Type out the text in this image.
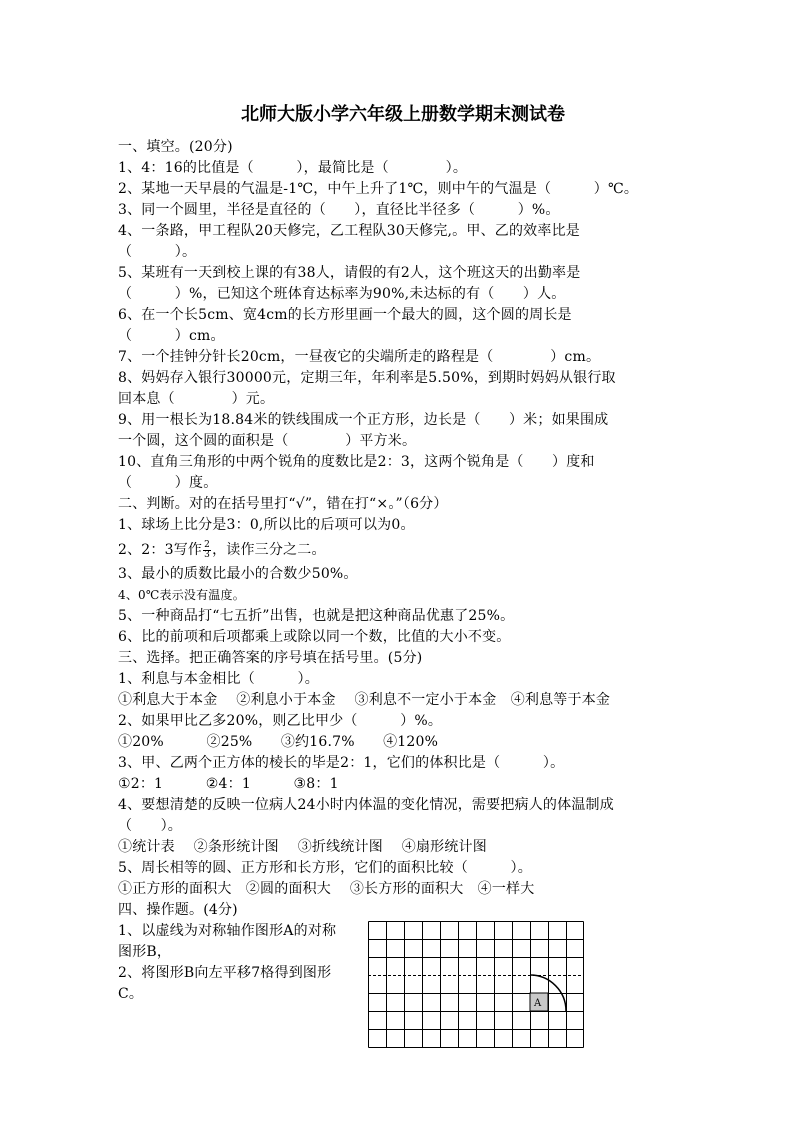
北师大版小学六年级上册数学期末测试卷
一、填空。(20分)
1、4：16的比值是（　　　），最简比是（　　　　）。
2、某地一天早晨的气温是-1℃，中午上升了1℃，则中午的气温是（　　　）℃。
3、同一个圆里，半径是直径的（　　），直径比半径多（　　　）%。
4、一条路，甲工程队20天修完，乙工程队30天修完,。甲、乙的效率比是
（　　　）。
5、某班有一天到校上课的有38人，请假的有2人，这个班这天的出勤率是
（　　　）%，已知这个班体育达标率为90%,未达标的有（　　）人。
6、在一个长5cm、宽4cm的长方形里画一个最大的圆，这个圆的周长是
（　　　）cm。
7、一个挂钟分针长20cm，一昼夜它的尖端所走的路程是（　　　　）cm。
8、妈妈存入银行30000元，定期三年，年利率是5.50%，到期时妈妈从银行取
回本息（　　　　）元。
9、用一根长为18.84米的铁线围成一个正方形，边长是（　　）米；如果围成
一个圆，这个圆的面积是（　　　　）平方米。
10、直角三角形的中两个锐角的度数比是2：3，这两个锐角是（　　）度和
（　　　）度。
二、判断。对的在括号里打“√”，错在打“×。”（6分）
1、球场上比分是3：0,所以比的后项可以为0。
2、2：3写作 $\frac{2}{3}$ ，读作三分之二。
3、最小的质数比最小的合数少50%。
4、0℃表示没有温度。
5、一种商品打“七五折”出售，也就是把这种商品优惠了25%。
6、比的前项和后项都乘上或除以同一个数，比值的大小不变。
三、选择。把正确答案的序号填在括号里。(5分)
1、利息与本金相比（　　　）。
①利息大于本金　 ②利息小于本金　 ③利息不一定小于本金　④利息等于本金
2、如果甲比乙多20%，则乙比甲少（　　　）%。
①20%　　　②25%　　③约16.7%　　④120%
3、甲、乙两个正方体的棱长的毕是2：1，它们的体积比是（　　　）。
①2：1　　　②4：1　　　③8：1
4、要想清楚的反映一位病人24小时内体温的变化情况，需要把病人的体温制成
（　　）。
①统计表　 ②条形统计图　 ③折线统计图　 ④扇形统计图
5、周长相等的圆、正方形和长方形，它们的面积比较（　　　）。
①正方形的面积大　②圆的面积大　 ③长方形的面积大　④一样大
四、操作题。(4分)
1、以虚线为对称轴作图形A的对称图形B，
2、将图形B向左平移7格得到图形C。
A
